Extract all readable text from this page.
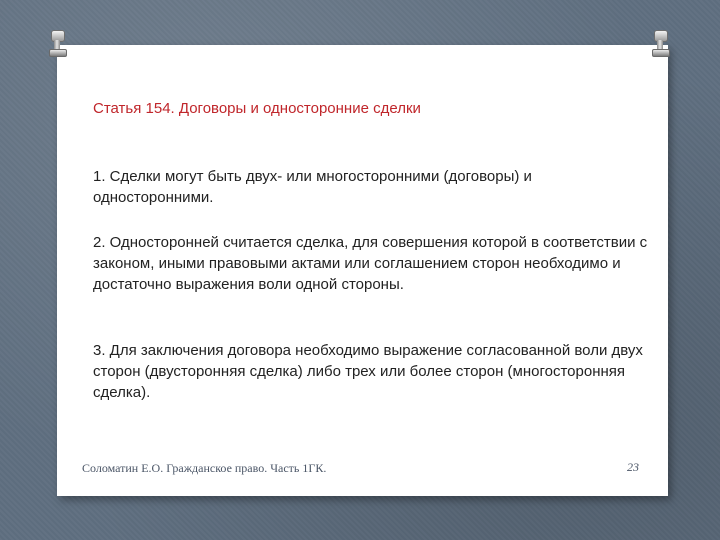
Статья 154. Договоры и односторонние сделки

1. Сделки могут быть двух- или многосторонними (договоры) и односторонними.

2. Односторонней считается сделка, для совершения которой в соответствии с законом, иными правовыми актами или соглашением сторон необходимо и достаточно выражения воли одной стороны.

3. Для заключения договора необходимо выражение согласованной воли двух сторон (двусторонняя сделка) либо трех или более сторон (многосторонняя сделка).

Соломатин Е.О. Гражданское право. Часть 1ГК.	23
